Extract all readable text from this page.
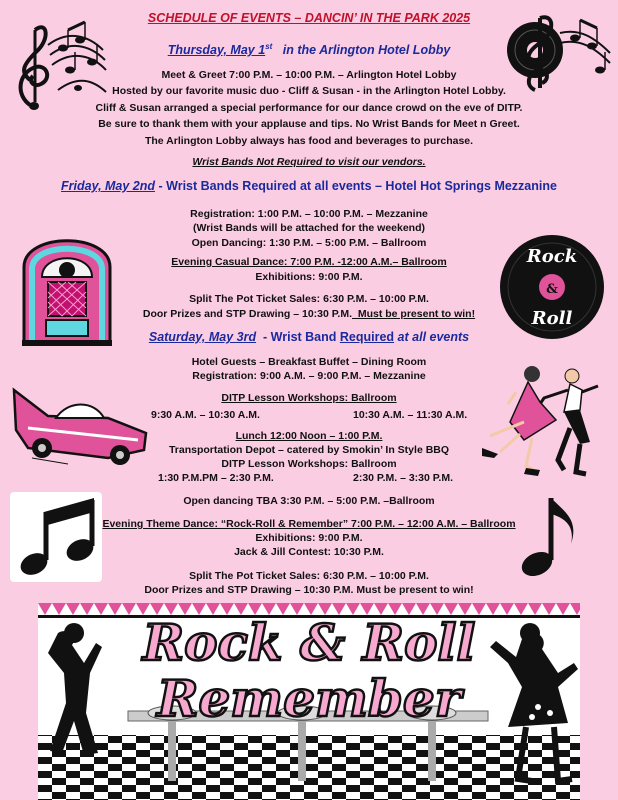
Rock
&
Roll
Rock & Roll
Remember
SCHEDULE OF EVENTS – DANCIN’ IN THE PARK 2025
Thursday, May 1st   in the Arlington Hotel Lobby
Meet & Greet 7:00 P.M. – 10:00 P.M. – Arlington Hotel Lobby
Hosted by our favorite music duo - Cliff & Susan - in the Arlington Hotel Lobby.
Cliff & Susan arranged a special performance for our dance crowd on the eve of DITP.
Be sure to thank them with your applause and tips. No Wrist Bands for Meet n Greet.
The Arlington Lobby always has food and beverages to purchase.
Wrist Bands Not Required to visit our vendors.
Friday, May 2nd - Wrist Bands Required at all events – Hotel Hot Springs Mezzanine
Registration: 1:00 P.M. – 10:00 P.M. – Mezzanine
(Wrist Bands will be attached for the weekend)
Open Dancing: 1:30 P.M. – 5:00 P.M. – Ballroom
Evening Casual Dance: 7:00 P.M. -12:00 A.M.– Ballroom
Exhibitions: 9:00 P.M.
Split The Pot Ticket Sales: 6:30 P.M. – 10:00 P.M.
Door Prizes and STP Drawing – 10:30 P.M.  Must be present to win!
Saturday, May 3rd  - Wrist Band Required at all events
Hotel Guests – Breakfast Buffet – Dining Room
Registration: 9:00 A.M. – 9:00 P.M. – Mezzanine
DITP Lesson Workshops: Ballroom
9:30 A.M. – 10:30 A.M.	10:30 A.M. – 11:30 A.M.
Lunch 12:00 Noon – 1:00 P.M.
Transportation Depot – catered by Smokin’ In Style BBQ
DITP Lesson Workshops: Ballroom
1:30 P.M.PM – 2:30 P.M.	2:30 P.M. – 3:30 P.M.
Open dancing TBA 3:30 P.M. – 5:00 P.M. –Ballroom
Evening Theme Dance: “Rock-Roll & Remember” 7:00 P.M. – 12:00 A.M. – Ballroom
Exhibitions: 9:00 P.M.
Jack & Jill Contest: 10:30 P.M.
Split The Pot Ticket Sales: 6:30 P.M. – 10:00 P.M.
Door Prizes and STP Drawing – 10:30 P.M. Must be present to win!
